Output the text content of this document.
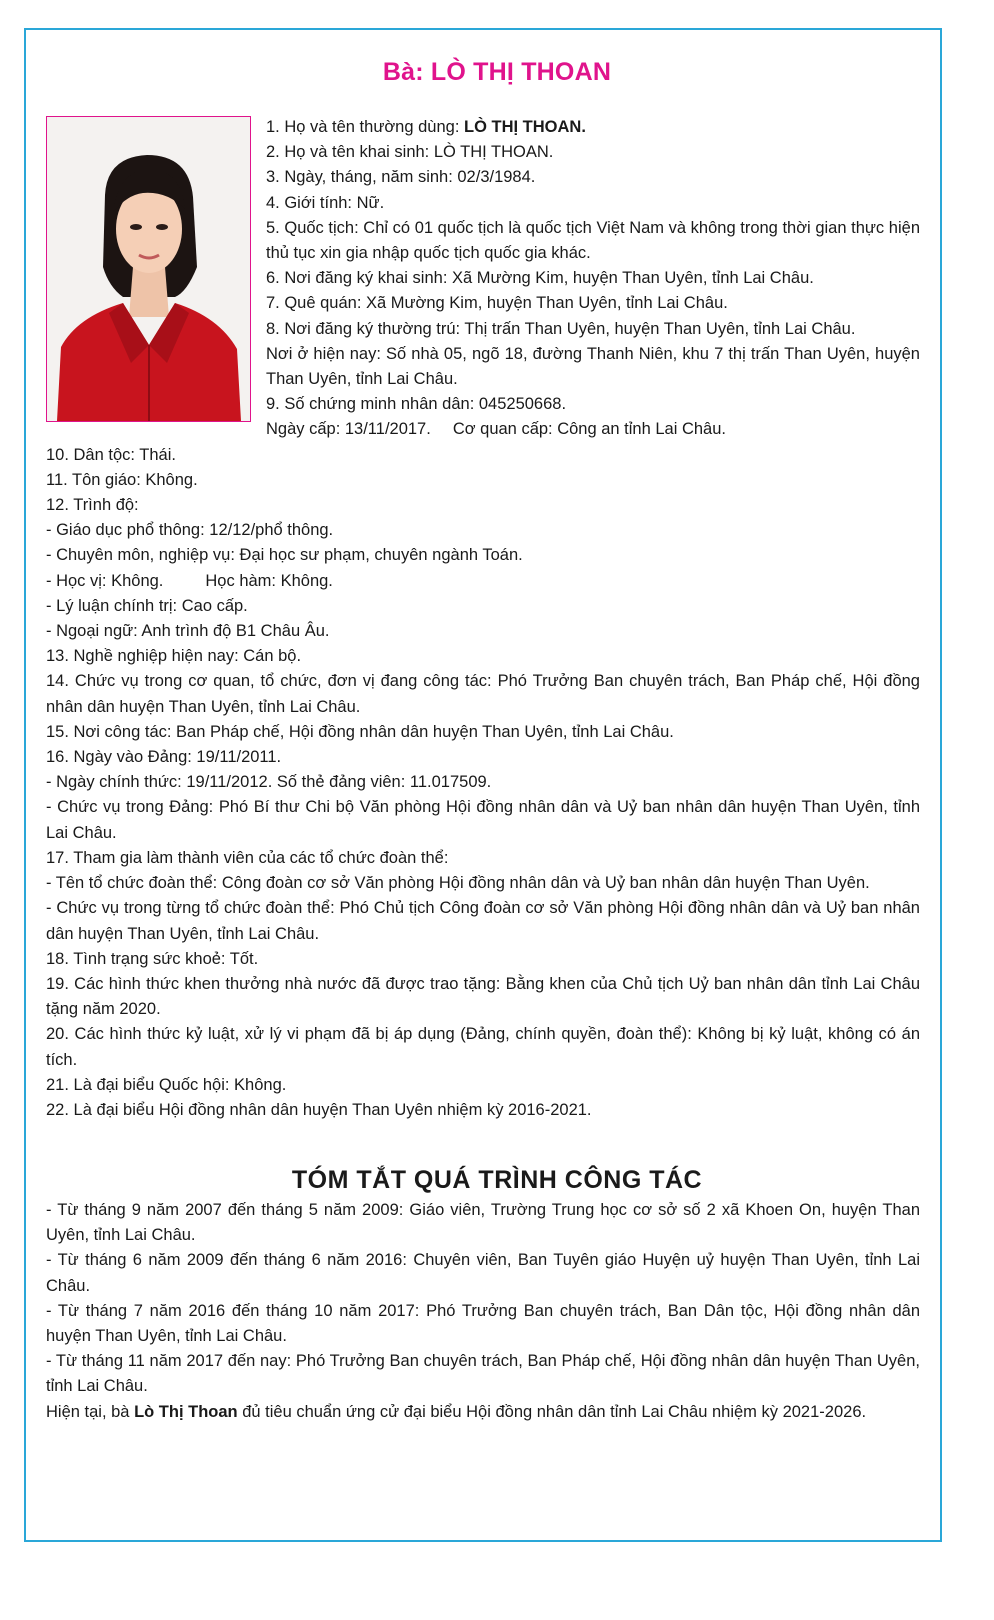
Bà: LÒ THỊ THOAN
1. Họ và tên thường dùng: LÒ THỊ THOAN.
2. Họ và tên khai sinh: LÒ THỊ THOAN.
3. Ngày, tháng, năm sinh: 02/3/1984.
4. Giới tính: Nữ.
5. Quốc tịch: Chỉ có 01 quốc tịch là quốc tịch Việt Nam và không trong thời gian thực hiện thủ tục xin gia nhập quốc tịch quốc gia khác.
6. Nơi đăng ký khai sinh: Xã Mường Kim, huyện Than Uyên, tỉnh Lai Châu.
7. Quê quán: Xã Mường Kim, huyện Than Uyên, tỉnh Lai Châu.
8. Nơi đăng ký thường trú: Thị trấn Than Uyên, huyện Than Uyên, tỉnh Lai Châu.
Nơi ở hiện nay: Số nhà 05, ngõ 18, đường Thanh Niên, khu 7 thị trấn Than Uyên, huyện Than Uyên, tỉnh Lai Châu.
9. Số chứng minh nhân dân: 045250668.
Ngày cấp: 13/11/2017. Cơ quan cấp: Công an tỉnh Lai Châu.
10. Dân tộc: Thái.
11. Tôn giáo: Không.
12. Trình độ:
- Giáo dục phổ thông: 12/12/phổ thông.
- Chuyên môn, nghiệp vụ: Đại học sư phạm, chuyên ngành Toán.
- Học vị: Không.	Học hàm: Không.
- Lý luận chính trị: Cao cấp.
- Ngoại ngữ: Anh trình độ B1 Châu Âu.
13. Nghề nghiệp hiện nay: Cán bộ.
14. Chức vụ trong cơ quan, tổ chức, đơn vị đang công tác: Phó Trưởng Ban chuyên trách, Ban Pháp chế, Hội đồng nhân dân huyện Than Uyên, tỉnh Lai Châu.
15. Nơi công tác: Ban Pháp chế, Hội đồng nhân dân huyện Than Uyên, tỉnh Lai Châu.
16. Ngày vào Đảng: 19/11/2011.
- Ngày chính thức: 19/11/2012. Số thẻ đảng viên: 11.017509.
- Chức vụ trong Đảng: Phó Bí thư Chi bộ Văn phòng Hội đồng nhân dân và Uỷ ban nhân dân huyện Than Uyên, tỉnh Lai Châu.
17. Tham gia làm thành viên của các tổ chức đoàn thể:
- Tên tổ chức đoàn thể: Công đoàn cơ sở Văn phòng Hội đồng nhân dân và Uỷ ban nhân dân huyện Than Uyên.
- Chức vụ trong từng tổ chức đoàn thể: Phó Chủ tịch Công đoàn cơ sở Văn phòng Hội đồng nhân dân và Uỷ ban nhân dân huyện Than Uyên, tỉnh Lai Châu.
18. Tình trạng sức khoẻ: Tốt.
19. Các hình thức khen thưởng nhà nước đã được trao tặng: Bằng khen của Chủ tịch Uỷ ban nhân dân tỉnh Lai Châu tặng năm 2020.
20. Các hình thức kỷ luật, xử lý vi phạm đã bị áp dụng (Đảng, chính quyền, đoàn thể): Không bị kỷ luật, không có án tích.
21. Là đại biểu Quốc hội: Không.
22. Là đại biểu Hội đồng nhân dân huyện Than Uyên nhiệm kỳ 2016-2021.
TÓM TẮT QUÁ TRÌNH CÔNG TÁC
- Từ tháng 9 năm 2007 đến tháng 5 năm 2009: Giáo viên, Trường Trung học cơ sở số 2 xã Khoen On, huyện Than Uyên, tỉnh Lai Châu.
- Từ tháng 6 năm 2009 đến tháng 6 năm 2016: Chuyên viên, Ban Tuyên giáo Huyện uỷ huyện Than Uyên, tỉnh Lai Châu.
- Từ tháng 7 năm 2016 đến tháng 10 năm 2017: Phó Trưởng Ban chuyên trách, Ban Dân tộc, Hội đồng nhân dân huyện Than Uyên, tỉnh Lai Châu.
- Từ tháng 11 năm 2017 đến nay: Phó Trưởng Ban chuyên trách, Ban Pháp chế, Hội đồng nhân dân huyện Than Uyên, tỉnh Lai Châu.
Hiện tại, bà Lò Thị Thoan đủ tiêu chuẩn ứng cử đại biểu Hội đồng nhân dân tỉnh Lai Châu nhiệm kỳ 2021-2026.
